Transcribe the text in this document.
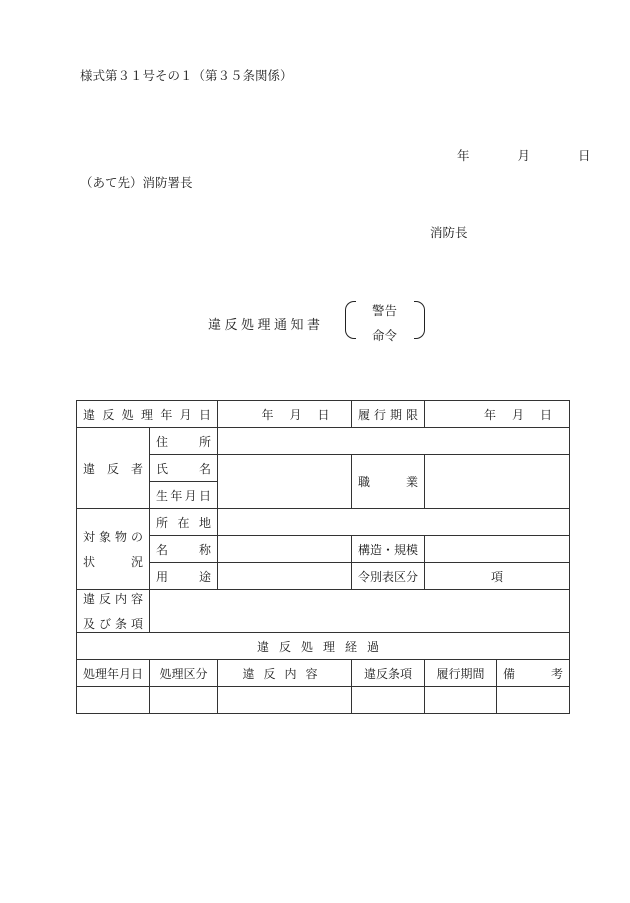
様式第３１号その１（第３５条関係）
年	月	日
（あて先）消防署長
消防長
違反処理通知書
警告
命令
違反処理年月日		年　月　日	履行期限	年　月　日	
違反者	住所				
	氏名		職業		
	生年月日				

対象物の
状況	所在地				
	名称		構造・規模		
	用途		令別表区分	項	

違反内容
及び条項					

違反処理経過					
処理年月日	処理区分	違反内容	違反条項	履行期間	備考
